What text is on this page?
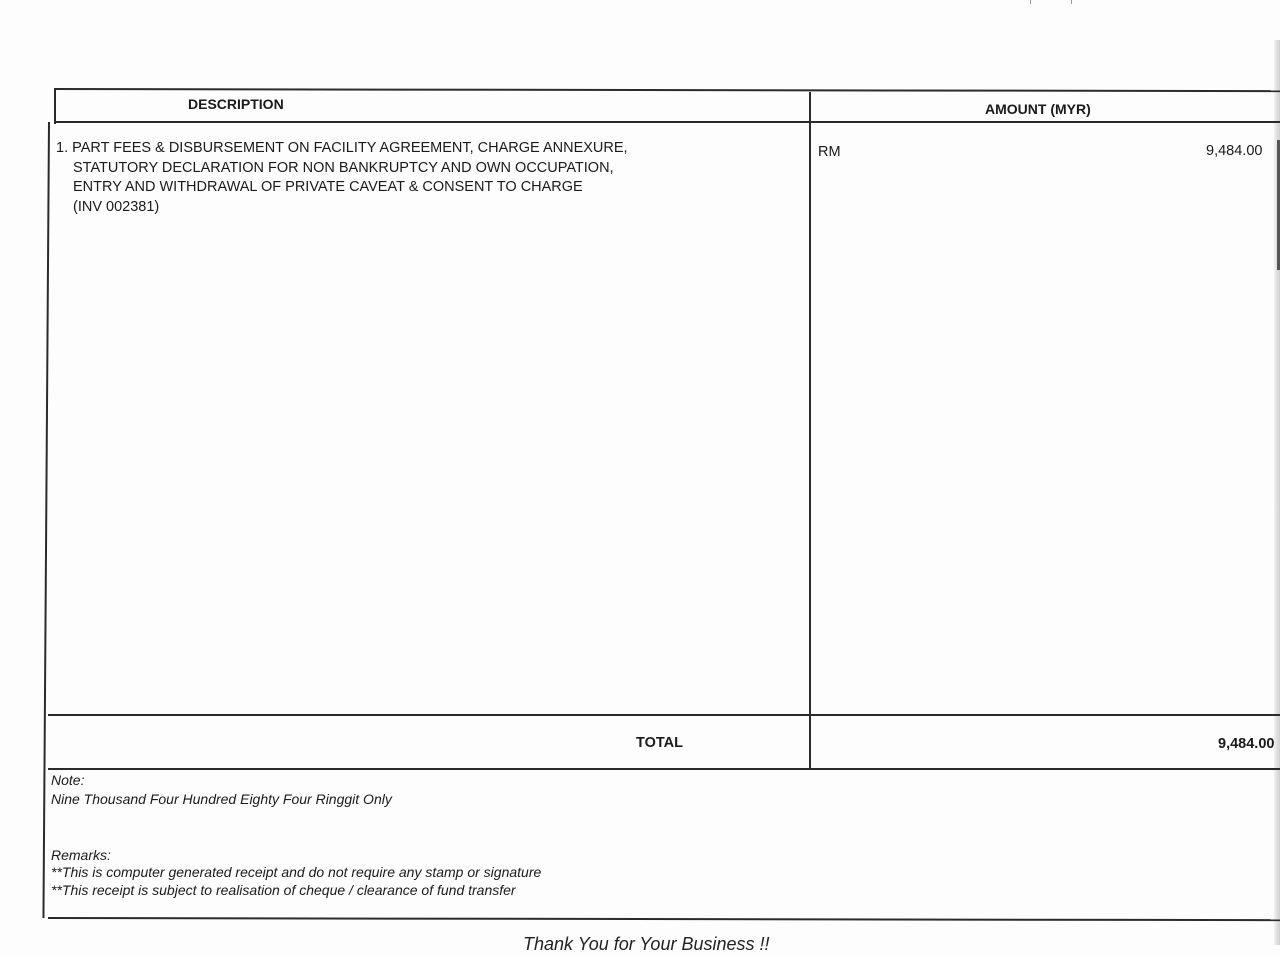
DESCRIPTION	AMOUNT (MYR)
1. PART FEES & DISBURSEMENT ON FACILITY AGREEMENT, CHARGE ANNEXURE,
STATUTORY DECLARATION FOR NON BANKRUPTCY AND OWN OCCUPATION,
ENTRY AND WITHDRAWAL OF PRIVATE CAVEAT & CONSENT TO CHARGE
(INV 002381)
RM	9,484.00
TOTAL	9,484.00
Note:
Nine Thousand Four Hundred Eighty Four Ringgit Only
Remarks:
**This is computer generated receipt and do not require any stamp or signature
**This receipt is subject to realisation of cheque / clearance of fund transfer
Thank You for Your Business !!
